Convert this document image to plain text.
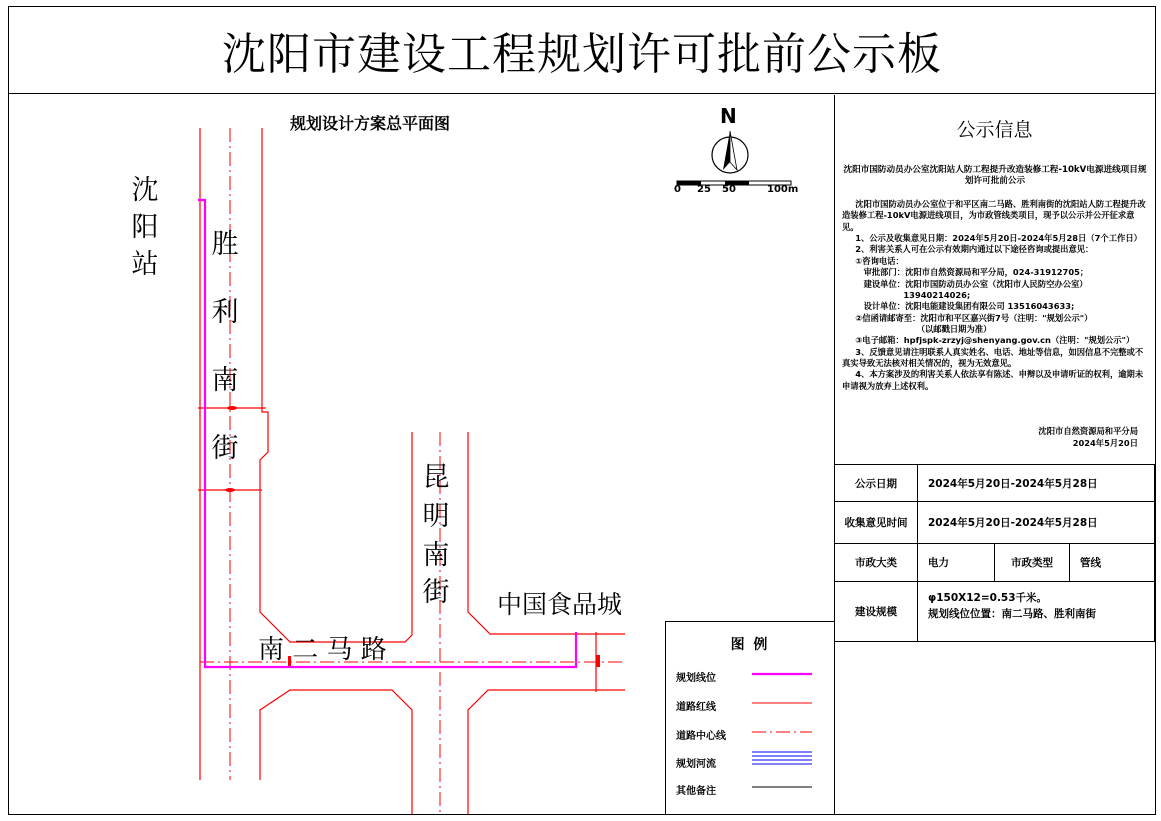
沈阳市建设工程规划许可批前公示板
规划设计方案总平面图	N
0 25 50	100m
沈
阳
站
胜
利
南
街
昆
明
南
街
南 二 马 路
中国食品城
图 例
规划线位
道路红线
道路中心线
规划河流
其他备注
公示信息
沈阳市国防动员办公室沈阳站人防工程提升改造装修工程-10kV电源进线项目规划许可批前公示

沈阳市国防动员办公室位于和平区南二马路、胜利南街的沈阳站人防工程提升改造装修工程-10kV电源进线项目，为市政管线类项目，现予以公示并公开征求意见。

1、公示及收集意见日期：2024年5月20日-2024年5月28日（7个工作日）

2、利害关系人可在公示有效期内通过以下途径咨询或提出意见：

①咨询电话：

审批部门：沈阳市自然资源局和平分局，024-31912705；

建设单位：沈阳市国防动员办公室（沈阳市人民防空办公室）

13940214026;

设计单位：沈阳电能建设集团有限公司 13516043633;

②信函请邮寄至：沈阳市和平区嘉兴街7号（注明："规划公示"）

（以邮戳日期为准）

③电子邮箱：hpfjspk-zrzyj@shenyang.gov.cn（注明："规划公示"）

3、反馈意见请注明联系人真实姓名、电话、地址等信息，如因信息不完整或不真实导致无法核对相关情况的，视为无效意见。

4、本方案涉及的利害关系人依法享有陈述、申辩以及申请听证的权利，逾期未申请视为放弃上述权利。

沈阳市自然资源局和平分局
2024年5月20日
公示日期	2024年5月20日-2024年5月28日		
收集意见时间	2024年5月20日-2024年5月28日		
市政大类	电力	市政类型	管线
建设规模	φ150X12=0.53千米。
规划线位位置：南二马路、胜利南街		
